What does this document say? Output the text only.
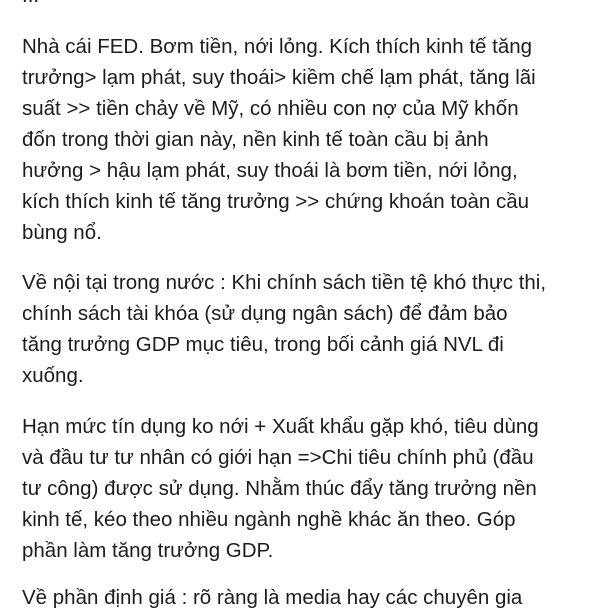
Nhà cái FED. Bơm tiền, nới lỏng. Kích thích kinh tế tăng
trưởng> lạm phát, suy thoái> kiềm chế lạm phát, tăng lãi
suất >> tiền chảy về Mỹ, có nhiều con nợ của Mỹ khốn
đốn trong thời gian này, nền kinh tế toàn cầu bị ảnh
hưởng > hậu lạm phát, suy thoái là bơm tiền, nới lỏng,
kích thích kinh tế tăng trưởng >> chứng khoán toàn cầu
bùng nổ.
Về nội tại trong nước : Khi chính sách tiền tệ khó thực thi,
chính sách tài khóa (sử dụng ngân sách) để đảm bảo
tăng trưởng GDP mục tiêu, trong bối cảnh giá NVL đi
xuống.
Hạn mức tín dụng ko nới + Xuất khẩu gặp khó, tiêu dùng
và đầu tư tư nhân có giới hạn =>Chi tiêu chính phủ (đầu
tư công) được sử dụng. Nhằm thúc đẩy tăng trưởng nền
kinh tế, kéo theo nhiều ngành nghề khác ăn theo. Góp
phần làm tăng trưởng GDP.
Về phần định giá : rõ ràng là media hay các chuyên gia
